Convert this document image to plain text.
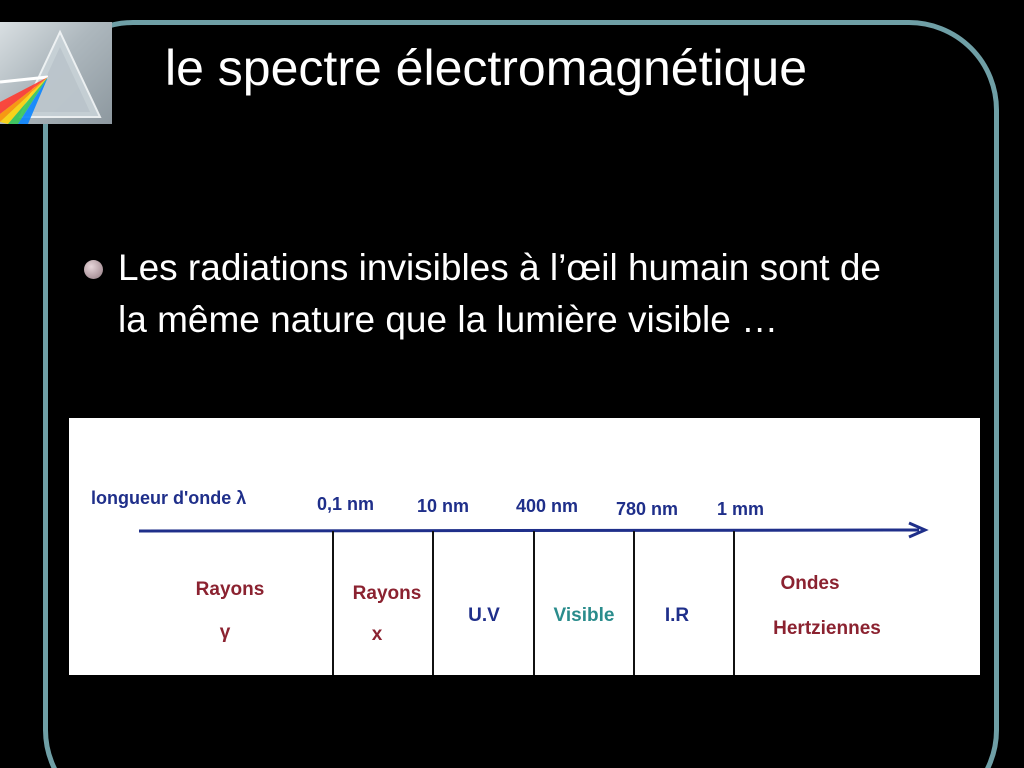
le spectre électromagnétique

Les radiations invisibles à l’œil humain sont de la même nature que la lumière visible …

longueur d'onde λ	0,1 nm 10 nm	400 nm 780 nm 1 mm
Rayons
γ
Rayons
x
U.V	Visible	I.R
Ondes
Hertziennes
